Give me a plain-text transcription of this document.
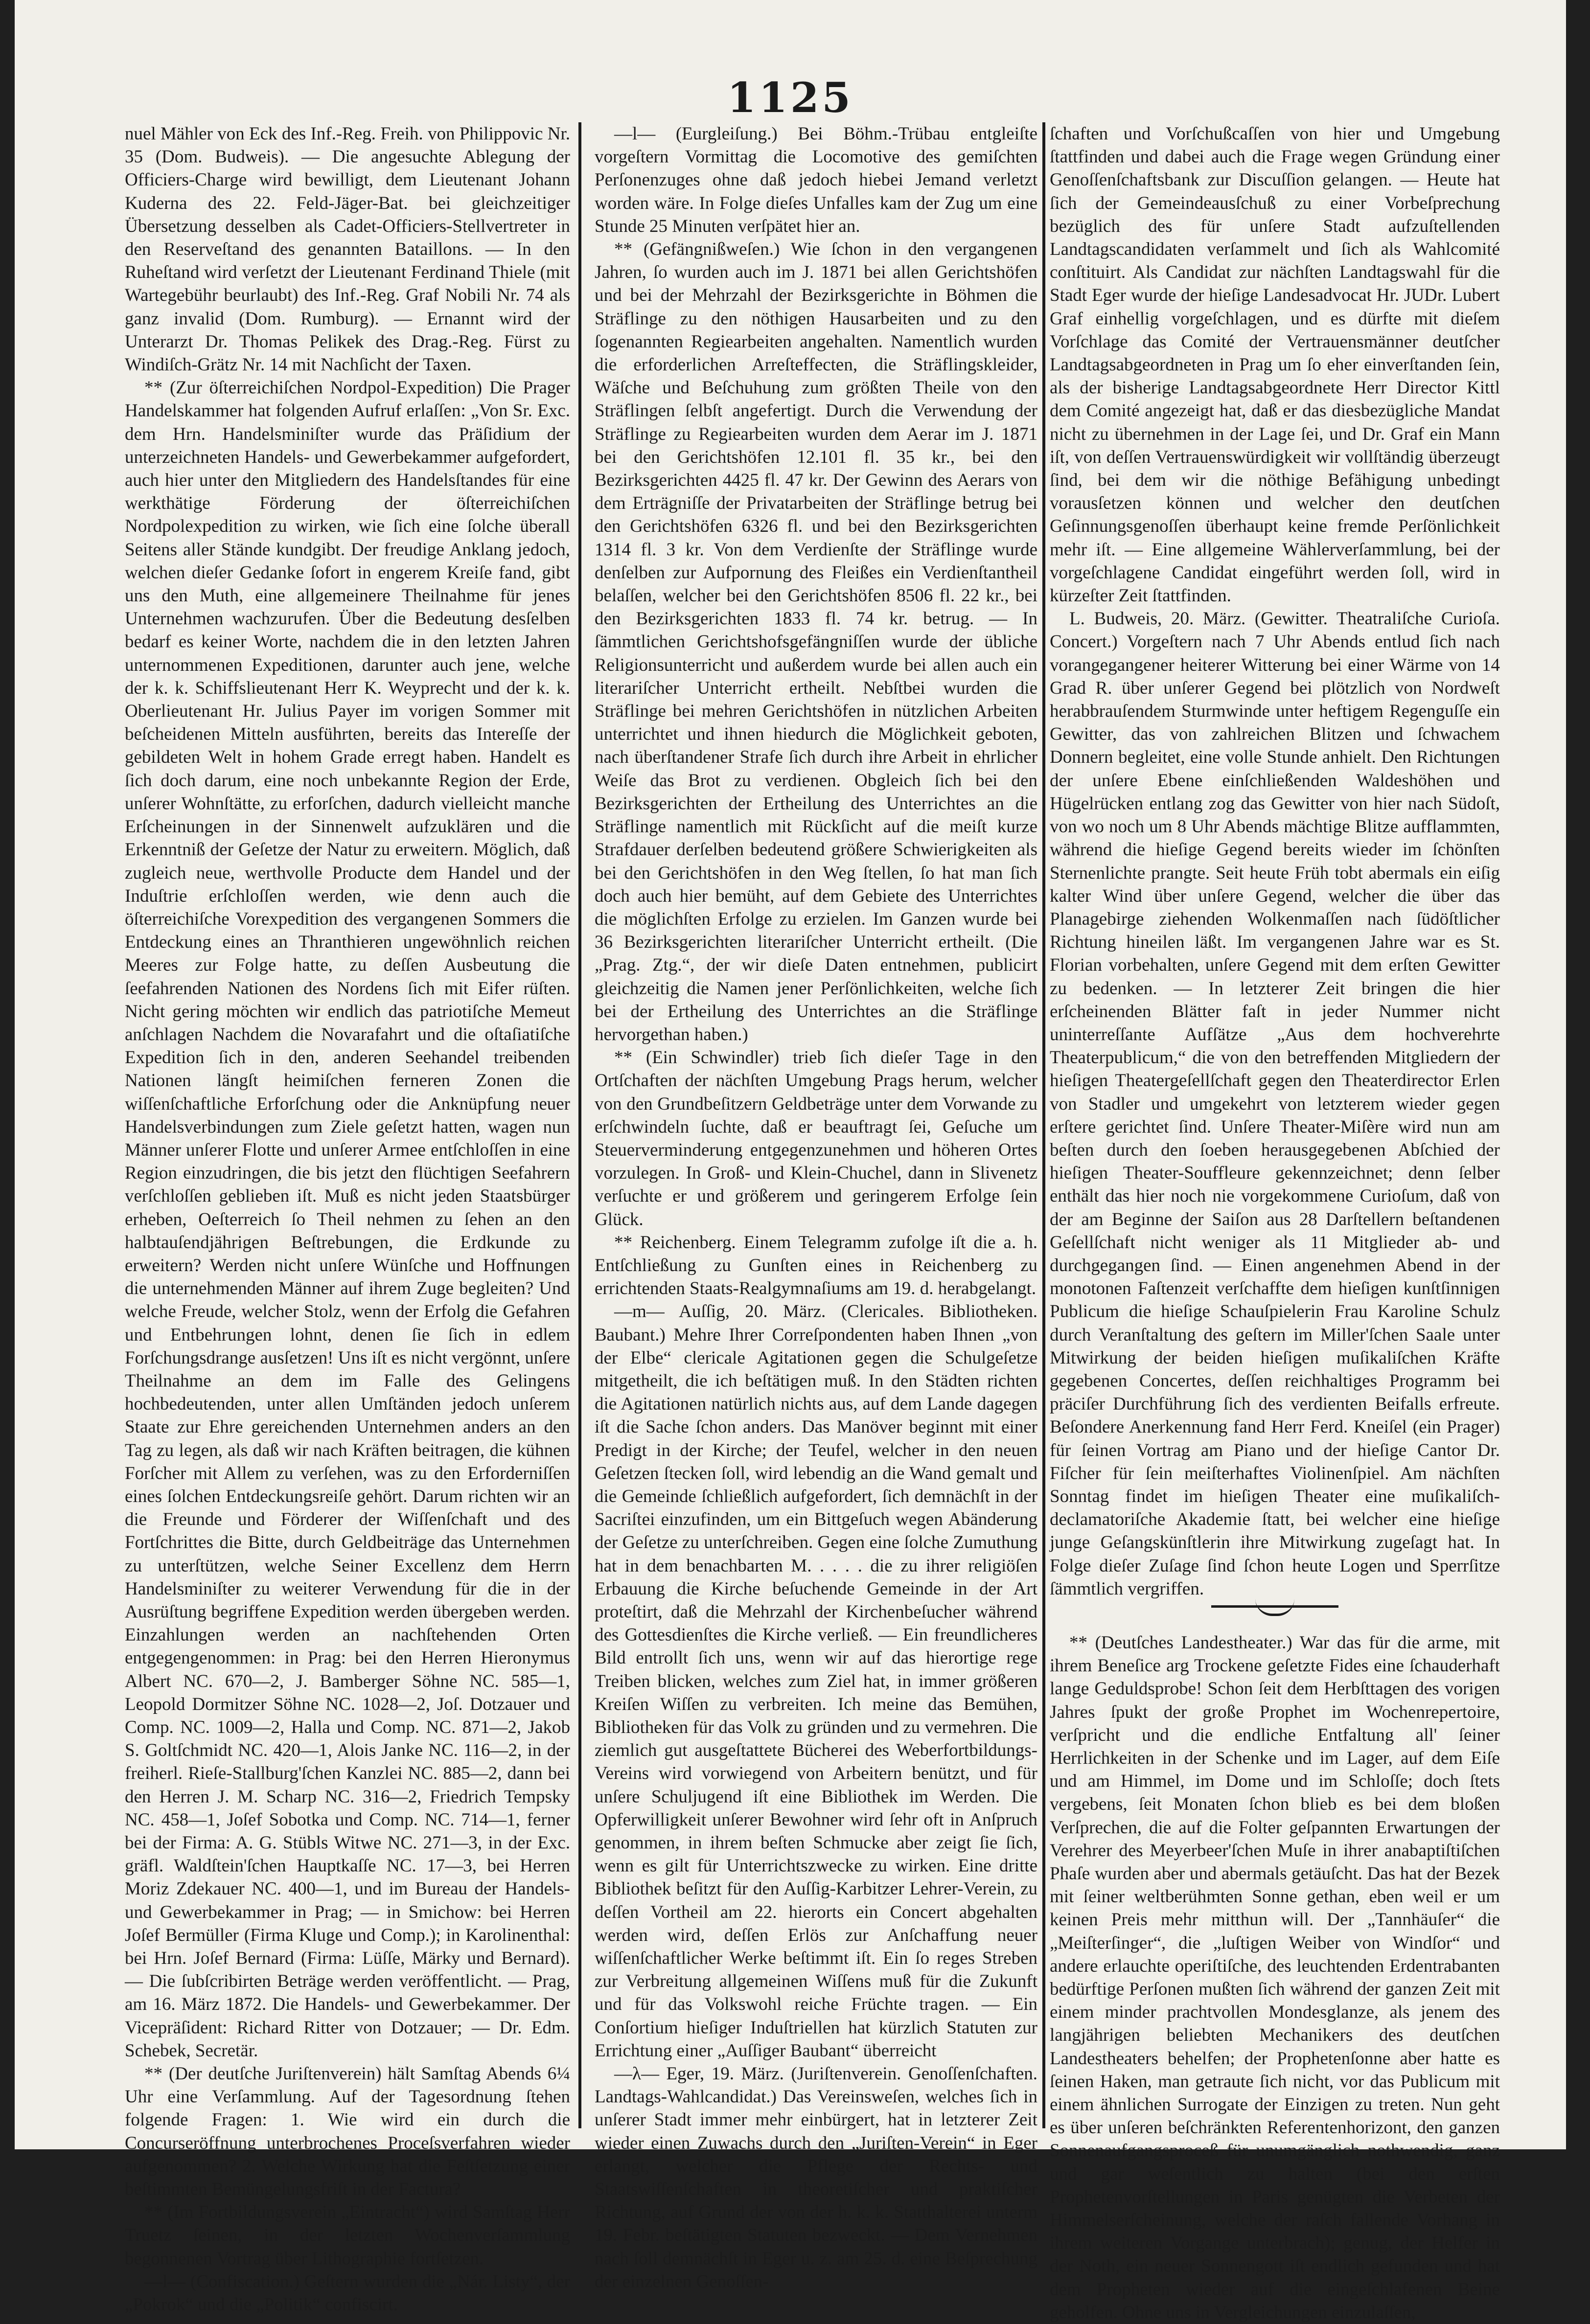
1125

nuel Mähler von Eck des Inf.-Reg. Freih. von Philippovic Nr. 35 (Dom. Budweis). — Die angesuchte Ablegung der Officiers-Charge wird bewilligt, dem Lieutenant Johann Kuderna des 22. Feld-Jäger-Bat. bei gleichzeitiger Übersetzung desselben als Cadet-Officiers-Stellvertreter in den Reserveſtand des genannten Bataillons. — In den Ruheſtand wird verſetzt der Lieutenant Ferdinand Thiele (mit Wartegebühr beurlaubt) des Inf.-Reg. Graf Nobili Nr. 74 als ganz invalid (Dom. Rumburg). — Ernannt wird der Unterarzt Dr. Thomas Pelikek des Drag.-Reg. Fürst zu Windiſch-Grätz Nr. 14 mit Nachſicht der Taxen.

** (Zur öſterreichiſchen Nordpol-Expedition) Die Prager Handelskammer hat folgenden Aufruf erlaſſen: „Von Sr. Exc. dem Hrn. Handelsminiſter wurde das Präſidium der unterzeichneten Handels- und Gewerbekammer aufgefordert, auch hier unter den Mitgliedern des Handelsſtandes für eine werkthätige Förderung der öſterreichiſchen Nordpolexpedition zu wirken, wie ſich eine ſolche überall Seitens aller Stände kundgibt. Der freudige Anklang jedoch, welchen dieſer Gedanke ſofort in engerem Kreiſe fand, gibt uns den Muth, eine allgemeinere Theilnahme für jenes Unternehmen wachzurufen. Über die Bedeutung desſelben bedarf es keiner Worte, nachdem die in den letzten Jahren unternommenen Expeditionen, darunter auch jene, welche der k. k. Schiffslieutenant Herr K. Weyprecht und der k. k. Oberlieutenant Hr. Julius Payer im vorigen Sommer mit beſcheidenen Mitteln ausführten, bereits das Intereſſe der gebildeten Welt in hohem Grade erregt haben. Handelt es ſich doch darum, eine noch unbekannte Region der Erde, unſerer Wohnſtätte, zu erforſchen, dadurch vielleicht manche Erſcheinungen in der Sinnenwelt aufzuklären und die Erkenntniß der Geſetze der Natur zu erweitern. Möglich, daß zugleich neue, werthvolle Producte dem Handel und der Induſtrie erſchloſſen werden, wie denn auch die öſterreichiſche Vorexpedition des vergangenen Sommers die Entdeckung eines an Thranthieren ungewöhnlich reichen Meeres zur Folge hatte, zu deſſen Ausbeutung die ſeefahrenden Nationen des Nordens ſich mit Eifer rüſten. Nicht gering möchten wir endlich das patriotiſche Memeut anſchlagen Nachdem die Novarafahrt und die oſtaſiatiſche Expedition ſich in den, anderen Seehandel treibenden Nationen längſt heimiſchen ferneren Zonen die wiſſenſchaftliche Erforſchung oder die Anknüpfung neuer Handelsverbindungen zum Ziele geſetzt hatten, wagen nun Männer unſerer Flotte und unſerer Armee entſchloſſen in eine Region einzudringen, die bis jetzt den flüchtigen Seefahrern verſchloſſen geblieben iſt. Muß es nicht jeden Staatsbürger erheben, Oeſterreich ſo Theil nehmen zu ſehen an den halbtauſendjährigen Beſtrebungen, die Erdkunde zu erweitern? Werden nicht unſere Wünſche und Hoffnungen die unternehmenden Männer auf ihrem Zuge begleiten? Und welche Freude, welcher Stolz, wenn der Erfolg die Gefahren und Entbehrungen lohnt, denen ſie ſich in edlem Forſchungsdrange ausſetzen! Uns iſt es nicht vergönnt, unſere Theilnahme an dem im Falle des Gelingens hochbedeutenden, unter allen Umſtänden jedoch unſerem Staate zur Ehre gereichenden Unternehmen anders an den Tag zu legen, als daß wir nach Kräften beitragen, die kühnen Forſcher mit Allem zu verſehen, was zu den Erforderniſſen eines ſolchen Entdeckungsreiſe gehört. Darum richten wir an die Freunde und Förderer der Wiſſenſchaft und des Fortſchrittes die Bitte, durch Geldbeiträge das Unternehmen zu unterſtützen, welche Seiner Excellenz dem Herrn Handelsminiſter zu weiterer Verwendung für die in der Ausrüſtung begriffene Expedition werden übergeben werden. Einzahlungen werden an nachſtehenden Orten entgegengenommen: in Prag: bei den Herren Hieronymus Albert NC. 670—2, J. Bamberger Söhne NC. 585—1, Leopold Dormitzer Söhne NC. 1028—2, Joſ. Dotzauer und Comp. NC. 1009—2, Halla und Comp. NC. 871—2, Jakob S. Goltſchmidt NC. 420—1, Alois Janke NC. 116—2, in der freiherl. Rieſe-Stallburg'ſchen Kanzlei NC. 885—2, dann bei den Herren J. M. Scharp NC. 316—2, Friedrich Tempsky NC. 458—1, Joſef Sobotka und Comp. NC. 714—1, ferner bei der Firma: A. G. Stübls Witwe NC. 271—3, in der Exc. gräfl. Waldſtein'ſchen Hauptkaſſe NC. 17—3, bei Herren Moriz Zdekauer NC. 400—1, und im Bureau der Handels- und Gewerbekammer in Prag; — in Smichow: bei Herren Joſef Bermüller (Firma Kluge und Comp.); in Karolinenthal: bei Hrn. Joſef Bernard (Firma: Lüſſe, Märky und Bernard). — Die ſubſcribirten Beträge werden veröffentlicht. — Prag, am 16. März 1872. Die Handels- und Gewerbekammer. Der Vicepräſident: Richard Ritter von Dotzauer; — Dr. Edm. Schebek, Secretär.

** (Der deutſche Juriſtenverein) hält Samſtag Abends 6¼ Uhr eine Verſammlung. Auf der Tagesordnung ſtehen folgende Fragen: 1. Wie wird ein durch die Concurseröffnung unterbrochenes Proceſsverfahren wieder aufgenommen? 2. Welche Wirkung hat die Feſtſetzung einer beſtimmten Bemüngelungsfriſt in der Factura?

** (Im Fortbildungsverein „Eintracht“) wird Samſtag Herr Truetz ſeinen, in der letzten Wochenverſammlung begonnenen Vortrag über Lithographie fortſetzen.

—l— (Confiscation.) Geſtern wurden die „Nár. Listy“, der „Pokrok“ und die „Politik“ confiscirt.

—l— (Eurgleiſung.) Bei Böhm.-Trübau entgleiſte vorgeſtern Vormittag die Locomotive des gemiſchten Perſonenzuges ohne daß jedoch hiebei Jemand verletzt worden wäre. In Folge dieſes Unfalles kam der Zug um eine Stunde 25 Minuten verſpätet hier an.

** (Gefängnißweſen.) Wie ſchon in den vergangenen Jahren, ſo wurden auch im J. 1871 bei allen Gerichtshöfen und bei der Mehrzahl der Bezirksgerichte in Böhmen die Sträflinge zu den nöthigen Hausarbeiten und zu den ſogenannten Regiearbeiten angehalten. Namentlich wurden die erforderlichen Arreſteffecten, die Sträflingskleider, Wäſche und Beſchuhung zum größten Theile von den Sträflingen ſelbſt angefertigt. Durch die Verwendung der Sträflinge zu Regiearbeiten wurden dem Aerar im J. 1871 bei den Gerichtshöfen 12.101 fl. 35 kr., bei den Bezirksgerichten 4425 fl. 47 kr. Der Gewinn des Aerars von dem Erträgniſſe der Privatarbeiten der Sträflinge betrug bei den Gerichtshöfen 6326 fl. und bei den Bezirksgerichten 1314 fl. 3 kr. Von dem Verdienſte der Sträflinge wurde denſelben zur Aufpornung des Fleißes ein Verdienſtantheil belaſſen, welcher bei den Gerichtshöfen 8506 fl. 22 kr., bei den Bezirksgerichten 1833 fl. 74 kr. betrug. — In ſämmtlichen Gerichtshofsgefängniſſen wurde der übliche Religionsunterricht und außerdem wurde bei allen auch ein literariſcher Unterricht ertheilt. Nebſtbei wurden die Sträflinge bei mehren Gerichtshöfen in nützlichen Arbeiten unterrichtet und ihnen hiedurch die Möglichkeit geboten, nach überſtandener Strafe ſich durch ihre Arbeit in ehrlicher Weiſe das Brot zu verdienen. Obgleich ſich bei den Bezirksgerichten der Ertheilung des Unterrichtes an die Sträflinge namentlich mit Rückſicht auf die meiſt kurze Strafdauer derſelben bedeutend größere Schwierigkeiten als bei den Gerichtshöfen in den Weg ſtellen, ſo hat man ſich doch auch hier bemüht, auf dem Gebiete des Unterrichtes die möglichſten Erfolge zu erzielen. Im Ganzen wurde bei 36 Bezirksgerichten literariſcher Unterricht ertheilt. (Die „Prag. Ztg.“, der wir dieſe Daten entnehmen, publicirt gleichzeitig die Namen jener Perſönlichkeiten, welche ſich bei der Ertheilung des Unterrichtes an die Sträflinge hervorgethan haben.)

** (Ein Schwindler) trieb ſich dieſer Tage in den Ortſchaften der nächſten Umgebung Prags herum, welcher von den Grundbeſitzern Geldbeträge unter dem Vorwande zu erſchwindeln ſuchte, daß er beauftragt ſei, Geſuche um Steuerverminderung entgegenzunehmen und höheren Ortes vorzulegen. In Groß- und Klein-Chuchel, dann in Slivenetz verſuchte er und größerem und geringerem Erfolge ſein Glück.

** Reichenberg. Einem Telegramm zufolge iſt die a. h. Entſchließung zu Gunſten eines in Reichenberg zu errichtenden Staats-Realgymnaſiums am 19. d. herabgelangt.

—m— Auſſig, 20. März. (Clericales. Bibliotheken. Baubant.) Mehre Ihrer Correſpondenten haben Ihnen „von der Elbe“ clericale Agitationen gegen die Schulgeſetze mitgetheilt, die ich beſtätigen muß. In den Städten richten die Agitationen natürlich nichts aus, auf dem Lande dagegen iſt die Sache ſchon anders. Das Manöver beginnt mit einer Predigt in der Kirche; der Teufel, welcher in den neuen Geſetzen ſtecken ſoll, wird lebendig an die Wand gemalt und die Gemeinde ſchließlich aufgefordert, ſich demnächſt in der Sacriſtei einzufinden, um ein Bittgeſuch wegen Abänderung der Geſetze zu unterſchreiben. Gegen eine ſolche Zumuthung hat in dem benachbarten M. . . . . die zu ihrer religiöſen Erbauung die Kirche beſuchende Gemeinde in der Art proteſtirt, daß die Mehrzahl der Kirchenbeſucher während des Gottesdienſtes die Kirche verließ. — Ein freundlicheres Bild entrollt ſich uns, wenn wir auf das hierortige rege Treiben blicken, welches zum Ziel hat, in immer größeren Kreiſen Wiſſen zu verbreiten. Ich meine das Bemühen, Bibliotheken für das Volk zu gründen und zu vermehren. Die ziemlich gut ausgeſtattete Bücherei des Weberfortbildungs-Vereins wird vorwiegend von Arbeitern benützt, und für unſere Schuljugend iſt eine Bibliothek im Werden. Die Opferwilligkeit unſerer Bewohner wird ſehr oft in Anſpruch genommen, in ihrem beſten Schmucke aber zeigt ſie ſich, wenn es gilt für Unterrichtszwecke zu wirken. Eine dritte Bibliothek beſitzt für den Auſſig-Karbitzer Lehrer-Verein, zu deſſen Vortheil am 22. hierorts ein Concert abgehalten werden wird, deſſen Erlös zur Anſchaffung neuer wiſſenſchaftlicher Werke beſtimmt iſt. Ein ſo reges Streben zur Verbreitung allgemeinen Wiſſens muß für die Zukunft und für das Volkswohl reiche Früchte tragen. — Ein Conſortium hieſiger Induſtriellen hat kürzlich Statuten zur Errichtung einer „Auſſiger Baubant“ überreicht

—λ— Eger, 19. März. (Juriſtenverein. Genoſſenſchaften. Landtags-Wahlcandidat.) Das Vereinsweſen, welches ſich in unſerer Stadt immer mehr einbürgert, hat in letzterer Zeit wieder einen Zuwachs durch den „Juriſten-Verein“ in Eger erlangt, welcher die Pflege der Rechts- und Staatswiſſenſchaften in theoretiſcher und praktiſcher Richtung, auf Grund der von der h. k. k. Statthalterei unterm 19. Febr. beſtätigten Statuten bezweckt. — Dem Vernehmen nach ſoll demnächſt in Eger u. z. am 25. d. eine Beſprechung der einzelnen Genoſſen-

ſchaften und Vorſchußcaſſen von hier und Umgebung ſtattfinden und dabei auch die Frage wegen Gründung einer Genoſſenſchaftsbank zur Discuſſion gelangen. — Heute hat ſich der Gemeindeausſchuß zu einer Vorbeſprechung bezüglich des für unſere Stadt aufzuſtellenden Landtagscandidaten verſammelt und ſich als Wahlcomité conſtituirt. Als Candidat zur nächſten Landtagswahl für die Stadt Eger wurde der hieſige Landesadvocat Hr. JUDr. Lubert Graf einhellig vorgeſchlagen, und es dürfte mit dieſem Vorſchlage das Comité der Vertrauensmänner deutſcher Landtagsabgeordneten in Prag um ſo eher einverſtanden ſein, als der bisherige Landtagsabgeordnete Herr Director Kittl dem Comité angezeigt hat, daß er das diesbezügliche Mandat nicht zu übernehmen in der Lage ſei, und Dr. Graf ein Mann iſt, von deſſen Vertrauenswürdigkeit wir vollſtändig überzeugt ſind, bei dem wir die nöthige Befähigung unbedingt vorausſetzen können und welcher den deutſchen Geſinnungsgenoſſen überhaupt keine fremde Perſönlichkeit mehr iſt. — Eine allgemeine Wählerverſammlung, bei der vorgeſchlagene Candidat eingeführt werden ſoll, wird in kürzeſter Zeit ſtattfinden.

L. Budweis, 20. März. (Gewitter. Theatraliſche Curioſa. Concert.) Vorgeſtern nach 7 Uhr Abends entlud ſich nach vorangegangener heiterer Witterung bei einer Wärme von 14 Grad R. über unſerer Gegend bei plötzlich von Nordweſt herabbrauſendem Sturmwinde unter heftigem Regenguſſe ein Gewitter, das von zahlreichen Blitzen und ſchwachem Donnern begleitet, eine volle Stunde anhielt. Den Richtungen der unſere Ebene einſchließenden Waldeshöhen und Hügelrücken entlang zog das Gewitter von hier nach Südoſt, von wo noch um 8 Uhr Abends mächtige Blitze aufflammten, während die hieſige Gegend bereits wieder im ſchönſten Sternenlichte prangte. Seit heute Früh tobt abermals ein eiſig kalter Wind über unſere Gegend, welcher die über das Planagebirge ziehenden Wolkenmaſſen nach ſüdöſtlicher Richtung hineilen läßt. Im vergangenen Jahre war es St. Florian vorbehalten, unſere Gegend mit dem erſten Gewitter zu bedenken. — In letzterer Zeit bringen die hier erſcheinenden Blätter faſt in jeder Nummer nicht uninterreſſante Aufſätze „Aus dem hochverehrte Theaterpublicum,“ die von den betreffenden Mitgliedern der hieſigen Theatergeſellſchaft gegen den Theaterdirector Erlen von Stadler und umgekehrt von letzterem wieder gegen erſtere gerichtet ſind. Unſere Theater-Miſère wird nun am beſten durch den ſoeben herausgegebenen Abſchied der hieſigen Theater-Souffleure gekennzeichnet; denn ſelber enthält das hier noch nie vorgekommene Curioſum, daß von der am Beginne der Saiſon aus 28 Darſtellern beſtandenen Geſellſchaft nicht weniger als 11 Mitglieder ab- und durchgegangen ſind. — Einen angenehmen Abend in der monotonen Faſtenzeit verſchaffte dem hieſigen kunſtſinnigen Publicum die hieſige Schauſpielerin Frau Karoline Schulz durch Veranſtaltung des geſtern im Miller'ſchen Saale unter Mitwirkung der beiden hieſigen muſikaliſchen Kräfte gegebenen Concertes, deſſen reichhaltiges Programm bei präciſer Durchführung ſich des verdienten Beifalls erfreute. Beſondere Anerkennung fand Herr Ferd. Kneiſel (ein Prager) für ſeinen Vortrag am Piano und der hieſige Cantor Dr. Fiſcher für ſein meiſterhaftes Violinenſpiel. Am nächſten Sonntag findet im hieſigen Theater eine muſikaliſch-declamatoriſche Akademie ſtatt, bei welcher eine hieſige junge Geſangskünſtlerin ihre Mitwirkung zugeſagt hat. In Folge dieſer Zuſage ſind ſchon heute Logen und Sperrſitze ſämmtlich vergriffen.

** (Deutſches Landestheater.) War das für die arme, mit ihrem Beneſice arg Trockene geſetzte Fides eine ſchauderhaft lange Geduldsprobe! Schon ſeit dem Herbſttagen des vorigen Jahres ſpukt der große Prophet im Wochenrepertoire, verſpricht und die endliche Entfaltung all' ſeiner Herrlichkeiten in der Schenke und im Lager, auf dem Eiſe und am Himmel, im Dome und im Schloſſe; doch ſtets vergebens, ſeit Monaten ſchon blieb es bei dem bloßen Verſprechen, die auf die Folter geſpannten Erwartungen der Verehrer des Meyerbeer'ſchen Muſe in ihrer anabaptiſtiſchen Phaſe wurden aber und abermals getäuſcht. Das hat der Bezek mit ſeiner weltberühmten Sonne gethan, eben weil er um keinen Preis mehr mitthun will. Der „Tannhäuſer“ die „Meiſterſinger“, die „luſtigen Weiber von Windſor“ und andere erlauchte operiſtiſche, des leuchtenden Erdentrabanten bedürftige Perſonen mußten ſich während der ganzen Zeit mit einem minder prachtvollen Mondesglanze, als jenem des langjährigen beliebten Mechanikers des deutſchen Landestheaters behelfen; der Prophetenſonne aber hatte es ſeinen Haken, man getraute ſich nicht, vor das Publicum mit einem ähnlichen Surrogate der Einzigen zu treten. Nun geht es über unſeren beſchränkten Referentenhorizont, den ganzen Sonnenaufgangsproceß für unumgänglich nothwendig, ganz und gar weſentlich zu halten (bei den erſten Prophetenvorſtellungen in Paris genügten die Verbeten der Himmelserſcheinung, welche der raſch fallende Vorhang in ihrem weiteren Vorgange unterbrach); genug, der Helfer in der Noth, ein neuer Sonnengott iſt endlich gefunden und hat dem Propheten wieder auf die eingeſchlafenen Beine geholfen. Ohne uns in Vergleichungen einzulaſſen,
